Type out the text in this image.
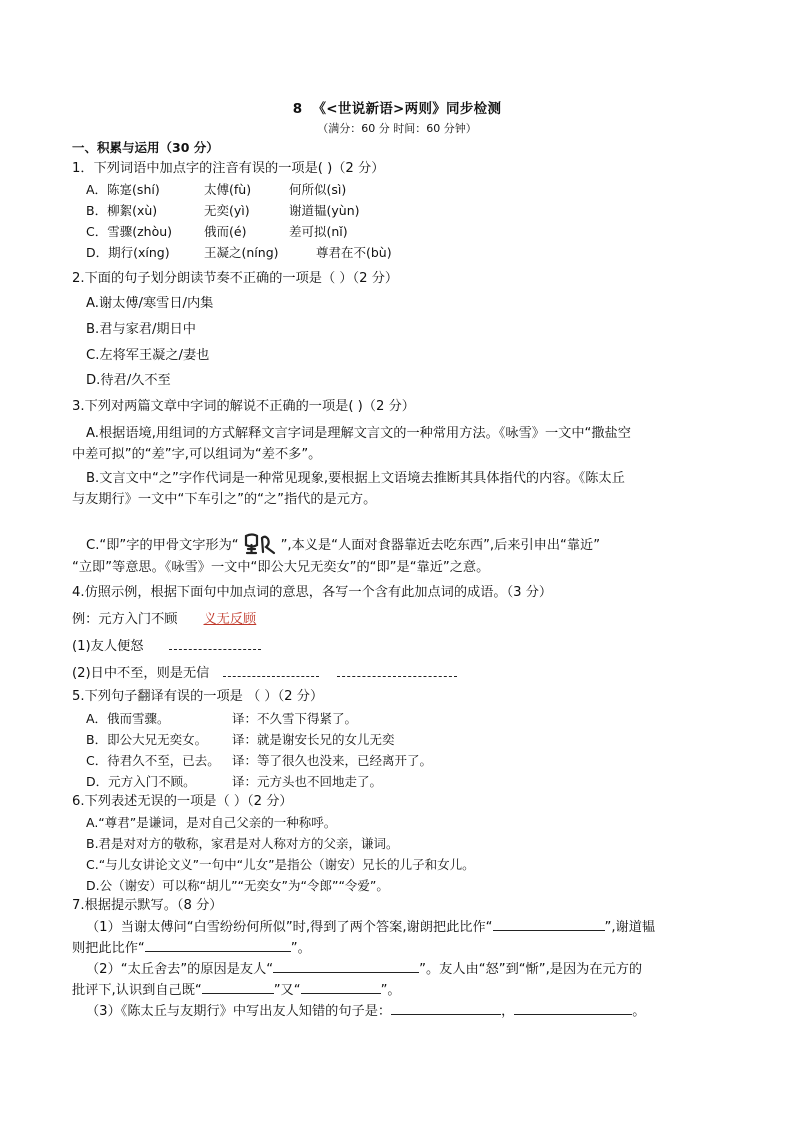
8 《<世说新语>两则》同步检测
（满分：60 分 时间：60 分钟）
一、积累与运用（30 分）
1．下列词语中加点字的注音有误的一项是( )（2 分）
A．陈寔(shí)	太傅(fù)	何所似(sì)
B．柳絮(xù)	无奕(yì)	谢道韫(yùn)
C．雪骤(zhòu)	俄而(é)	差可拟(nǐ)
D．期行(xíng)	王凝之(níng)	尊君在不(bù)
2.下面的句子划分朗读节奏不正确的一项是（ ）（2 分）
A.谢太傅/寒雪日/内集
B.君与家君/期日中
C.左将军王凝之/妻也
D.待君/久不至
3.下列对两篇文章中字词的解说不正确的一项是( )（2 分）
A.根据语境,用组词的方式解释文言字词是理解文言文的一种常用方法。《咏雪》一文中“撒盐空
中差可拟”的“差”字,可以组词为“差不多”。
B.文言文中“之”字作代词是一种常见现象,要根据上文语境去推断其具体指代的内容。《陈太丘
与友期行》一文中“下车引之”的“之”指代的是元方。
C.“即”字的甲骨文字形为“	”,本义是“人面对食器靠近去吃东西”,后来引申出“靠近”
“立即”等意思。《咏雪》一文中“即公大兄无奕女”的“即”是“靠近”之意。
4.仿照示例，根据下面句中加点词的意思，各写一个含有此加点词的成语。（3 分）
例：元方入门不顾 义无反顾
(1)友人便怒
(2)日中不至，则是无信
5.下列句子翻译有误的一项是 （ ）（2 分）
A．俄而雪骤。	译：不久雪下得紧了。
B．即公大兄无奕女。 译：就是谢安长兄的女儿无奕
C．待君久不至，已去。 译：等了很久也没来，已经离开了。
D．元方入门不顾。	译：元方头也不回地走了。
6.下列表述无误的一项是（ ）（2 分）
A.“尊君”是谦词，是对自己父亲的一种称呼。
B.君是对对方的敬称，家君是对人称对方的父亲，谦词。
C.“与儿女讲论文义”一句中“儿女”是指公（谢安）兄长的儿子和女儿。
D.公（谢安）可以称“胡儿”“无奕女”为“令郎”“令爱”。
7.根据提示默写。（8 分）
（1）当谢太傅问“白雪纷纷何所似”时,得到了两个答案,谢朗把此比作“	”,谢道韫
则把此比作“	”。
（2）“太丘舍去”的原因是友人“	”。友人由“怒”到“惭”,是因为在元方的
批评下,认识到自己既“	”又“	”。
（3）《陈太丘与友期行》中写出友人知错的句子是：	，	。
